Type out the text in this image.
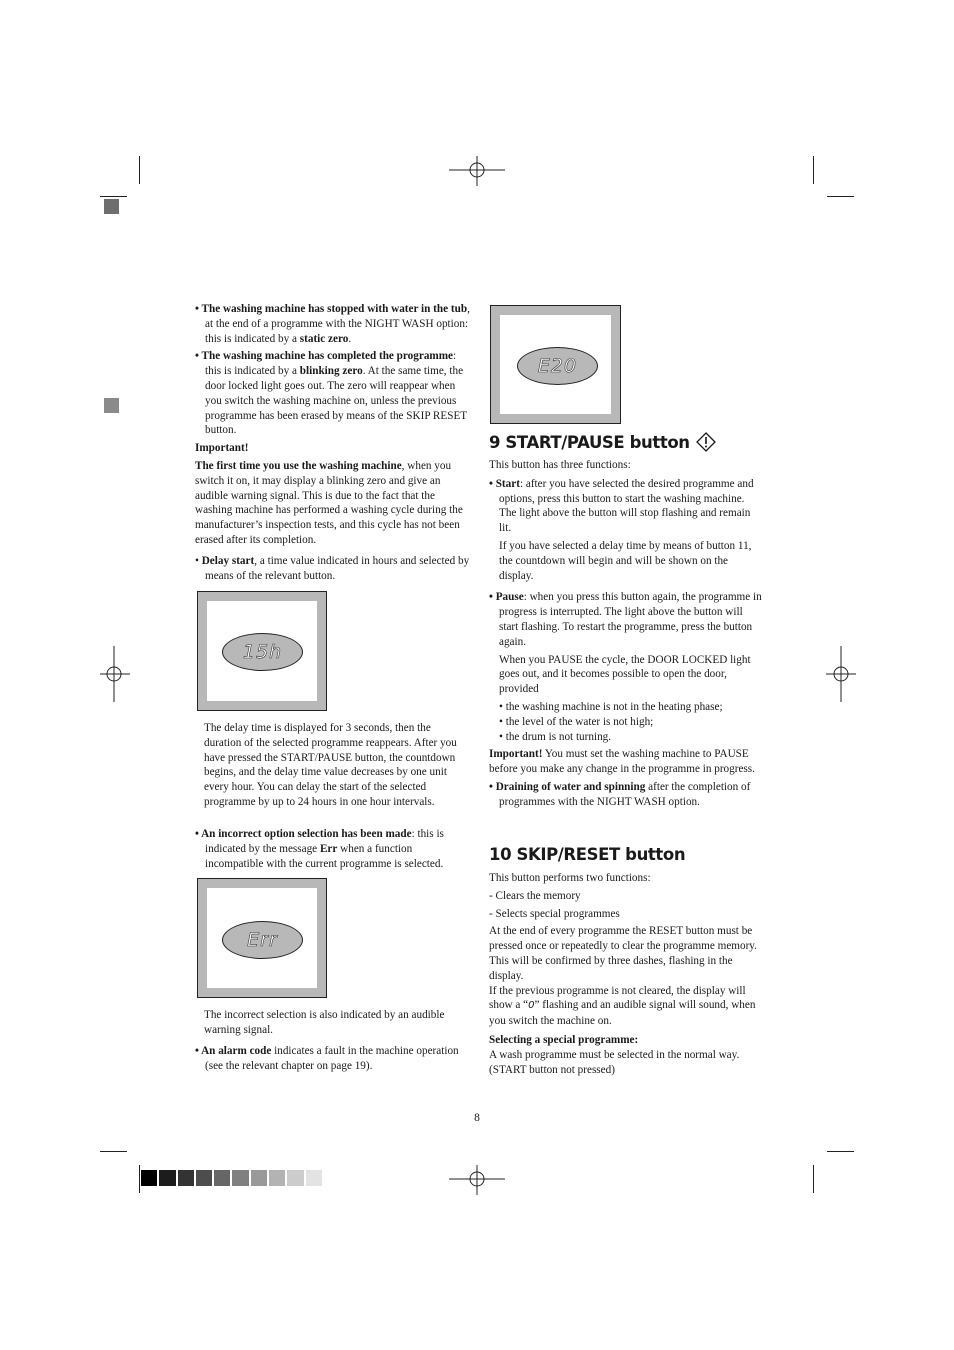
• The washing machine has stopped with water in the tub, at the end of a programme with the NIGHT WASH option: this is indicated by a static zero.

• The washing machine has completed the programme: this is indicated by a blinking zero. At the same time, the door locked light goes out. The zero will reappear when you switch the washing machine on, unless the previous programme has been erased by means of the SKIP RESET button.

Important!

The first time you use the washing machine, when you switch it on, it may display a blinking zero and give an audible warning signal. This is due to the fact that the washing machine has performed a washing cycle during the manufacturer’s inspection tests, and this cycle has not been erased after its completion.

• Delay start, a time value indicated in hours and selected by means of the relevant button.

15h

The delay time is displayed for 3 seconds, then the duration of the selected programme reappears. After you have pressed the START/PAUSE button, the countdown begins, and the delay time value decreases by one unit every hour. You can delay the start of the selected programme by up to 24 hours in one hour intervals.

• An incorrect option selection has been made: this is indicated by the message Err when a function incompatible with the current programme is selected.

Err

The incorrect selection is also indicated by an audible warning signal.

• An alarm code indicates a fault in the machine operation (see the relevant chapter on page 19).

E20
9 START/PAUSE button

This button has three functions:

• Start: after you have selected the desired programme and options, press this button to start the washing machine. The light above the button will stop flashing and remain lit.

If you have selected a delay time by means of button 11, the countdown will begin and will be shown on the display.

• Pause: when you press this button again, the programme in progress is interrupted. The light above the button will start flashing. To restart the programme, press the button again.

When you PAUSE the cycle, the DOOR LOCKED light goes out, and it becomes possible to open the door, provided

• the washing machine is not in the heating phase;

• the level of the water is not high;

• the drum is not turning.

Important! You must set the washing machine to PAUSE before you make any change in the programme in progress.

• Draining of water and spinning after the completion of programmes with the NIGHT WASH option.

10 SKIP/RESET button

This button performs two functions:

- Clears the memory

- Selects special programmes

At the end of every programme the RESET button must be pressed once or repeatedly to clear the programme memory. This will be confirmed by three dashes, flashing in the display.

If the previous programme is not cleared, the display will show a “0” flashing and an audible signal will sound, when you switch the machine on.

Selecting a special programme:

A wash programme must be selected in the normal way. (START button not pressed)

8
